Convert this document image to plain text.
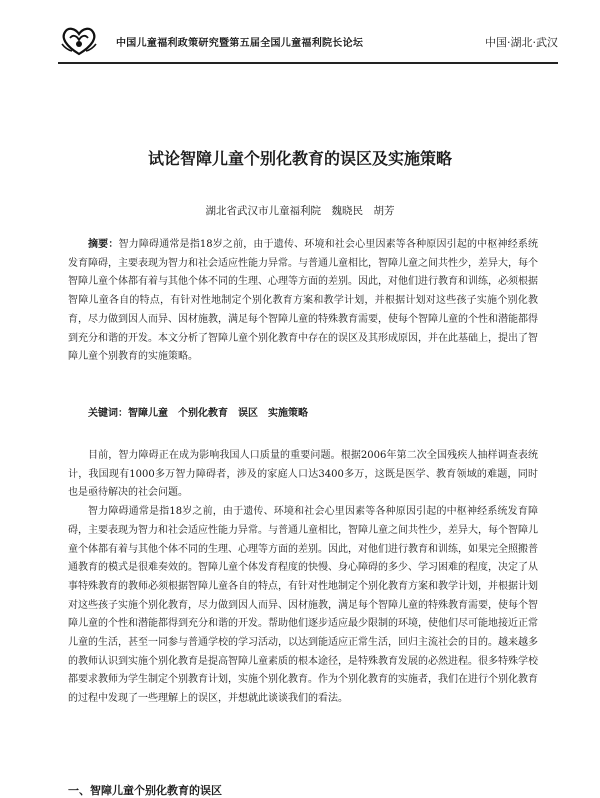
中国儿童福利政策研究暨第五届全国儿童福利院长论坛	中国·湖北·武汉
试论智障儿童个别化教育的误区及实施策略
湖北省武汉市儿童福利院　魏晓民　胡芳

摘要：智力障碍通常是指18岁之前，由于遗传、环境和社会心里因素等各种原因引起的中枢神经系统发育障碍，主要表现为智力和社会适应性能力异常。与普通儿童相比，智障儿童之间共性少，差异大，每个智障儿童个体都有着与其他个体不同的生理、心理等方面的差别。因此，对他们进行教育和训练，必须根据智障儿童各自的特点，有针对性地制定个别化教育方案和教学计划，并根据计划对这些孩子实施个别化教育，尽力做到因人而异、因材施教，满足每个智障儿童的特殊教育需要，使每个智障儿童的个性和潜能都得到充分和谐的开发。本文分析了智障儿童个别化教育中存在的误区及其形成原因，并在此基础上，提出了智障儿童个别教育的实施策略。

关键词：智障儿童　个别化教育　误区　实施策略

目前，智力障碍正在成为影响我国人口质量的重要问题。根据2006年第二次全国残疾人抽样调查表统计，我国现有1000多万智力障碍者，涉及的家庭人口达3400多万，这既是医学、教育领域的难题，同时也是亟待解决的社会问题。

智力障碍通常是指18岁之前，由于遗传、环境和社会心里因素等各种原因引起的中枢神经系统发育障碍，主要表现为智力和社会适应性能力异常。与普通儿童相比，智障儿童之间共性少，差异大，每个智障儿童个体都有着与其他个体不同的生理、心理等方面的差别。因此，对他们进行教育和训练，如果完全照搬普通教育的模式是很难奏效的。智障儿童个体发育程度的快慢、身心障碍的多少、学习困难的程度，决定了从事特殊教育的教师必须根据智障儿童各自的特点，有针对性地制定个别化教育方案和教学计划，并根据计划对这些孩子实施个别化教育，尽力做到因人而异、因材施教，满足每个智障儿童的特殊教育需要，使每个智障儿童的个性和潜能都得到充分和谐的开发。帮助他们逐步适应最少限制的环境，使他们尽可能地接近正常儿童的生活，甚至一同参与普通学校的学习活动，以达到能适应正常生活，回归主流社会的目的。越来越多的教师认识到实施个别化教育是提高智障儿童素质的根本途径，是特殊教育发展的必然进程。很多特殊学校都要求教师为学生制定个别教育计划，实施个别化教育。作为个别化教育的实施者，我们在进行个别化教育的过程中发现了一些理解上的误区，并想就此谈谈我们的看法。

一、智障儿童个别化教育的误区
